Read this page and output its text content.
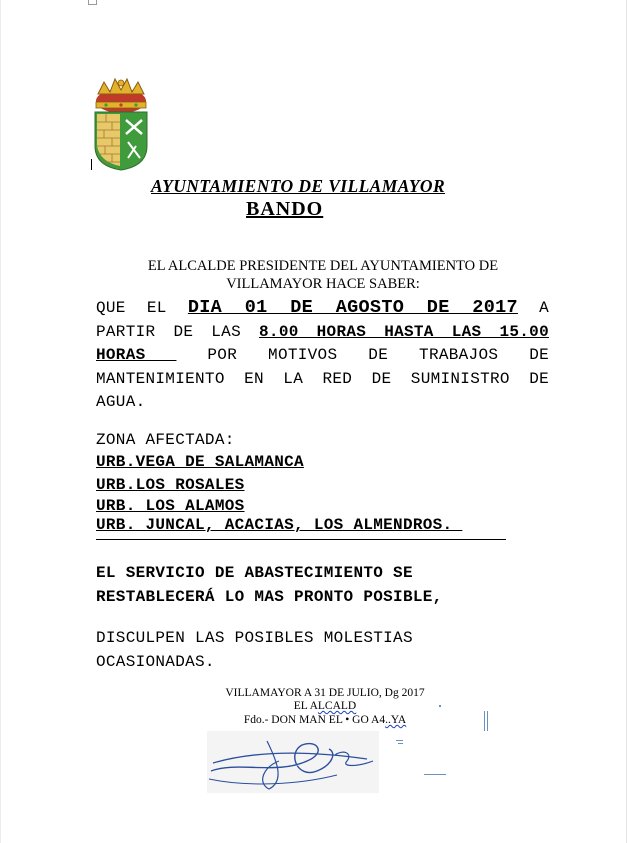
AYUNTAMIENTO DE VILLAMAYOR
BANDO
EL ALCALDE PRESIDENTE DEL AYUNTAMIENTO DE
VILLAMAYOR HACE SABER:
QUE EL DIA 01 DE AGOSTO DE 2017 A
PARTIR DE LAS 8.00 HORAS HASTA LAS 15.00
HORAS  POR MOTIVOS DE TRABAJOS DE
MANTENIMIENTO EN LA RED DE SUMINISTRO DE
AGUA.
ZONA AFECTADA:
URB.VEGA DE SALAMANCA
URB.LOS ROSALES
URB. LOS ALAMOS
URB. JUNCAL, ACACIAS, LOS ALMENDROS.
EL SERVICIO DE ABASTECIMIENTO SE
RESTABLECERÁ LO MAS PRONTO POSIBLE,
DISCULPEN LAS POSIBLES MOLESTIAS
OCASIONADAS.
VILLAMAYOR A 31 DE JULIO, Dg 2017
EL ALCALD
Fdo.- DON MAN EL • GO A4..YA
